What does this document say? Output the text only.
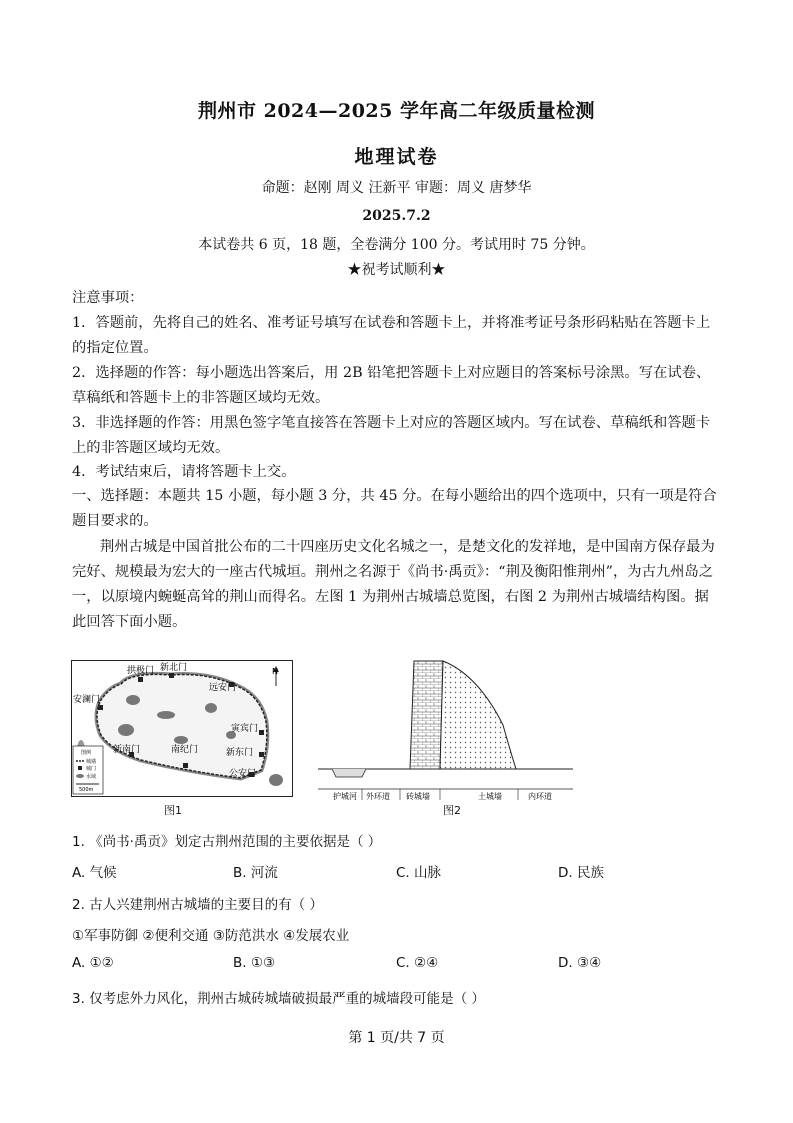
荆州市 2024—2025 学年高二年级质量检测
地理试卷
命题：赵刚 周义 汪新平 审题：周义 唐梦华
2025.7.2
本试卷共 6 页，18 题，全卷满分 100 分。考试用时 75 分钟。
★祝考试顺利★
注意事项：
1．答题前，先将自己的姓名、准考证号填写在试卷和答题卡上，并将准考证号条形码粘贴在答题卡上的指定位置。
2．选择题的作答：每小题选出答案后，用 2B 铅笔把答题卡上对应题目的答案标号涂黑。写在试卷、草稿纸和答题卡上的非答题区域均无效。
3．非选择题的作答：用黑色签字笔直接答在答题卡上对应的答题区域内。写在试卷、草稿纸和答题卡上的非答题区域均无效。
4．考试结束后，请将答题卡上交。
一、选择题：本题共 15 小题，每小题 3 分，共 45 分。在每小题给出的四个选项中，只有一项是符合题目要求的。
荆州古城是中国首批公布的二十四座历史文化名城之一，是楚文化的发祥地，是中国南方保存最为完好、规模最为宏大的一座古代城垣。荆州之名源于《尚书·禹贡》：“荆及衡阳惟荆州”，为古九州岛之一，以原境内蜿蜒高耸的荆山而得名。左图 1 为荆州古城墙总览图，右图 2 为荆州古城墙结构图。据此回答下面小题。
N
拱极门 新北门
远安门
安澜门
寅宾门
新东门
新南门	南纪门
公安门
图例
城墙
城门
水域
500m
图1
护城河 外环道 砖城墙	土城墙	内环道
图2
1. 《尚书·禹贡》划定古荆州范围的主要依据是（ ）
A. 气候	B. 河流	C. 山脉	D. 民族
2. 古人兴建荆州古城墙的主要目的有（ ）
①军事防御 ②便利交通 ③防范洪水 ④发展农业
A. ①②	B. ①③	C. ②④	D. ③④
3. 仅考虑外力风化，荆州古城砖城墙破损最严重的城墙段可能是（ ）
第 1 页/共 7 页
